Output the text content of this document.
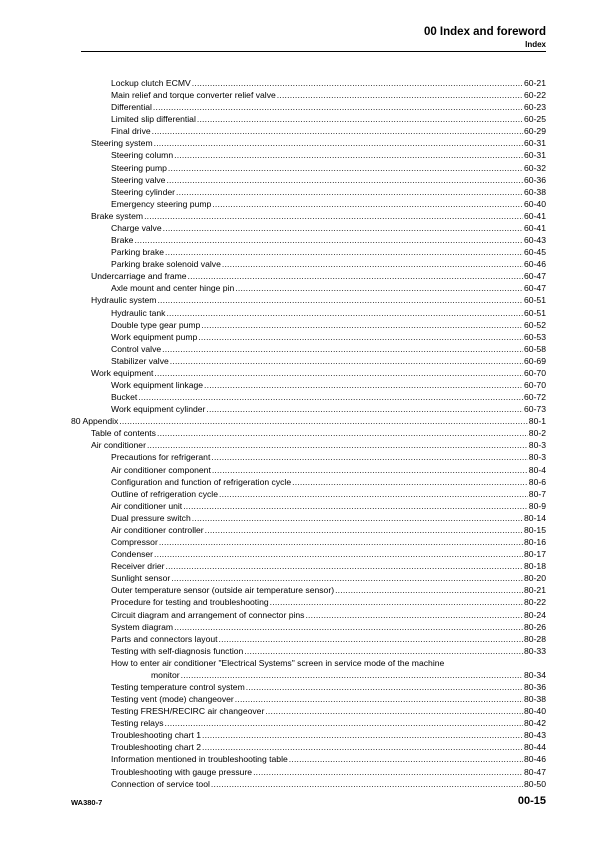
00 Index and foreword
Index
Lockup clutch ECMV .....	60-21
Main relief and torque converter relief valve .....	60-22
Differential .....	60-23
Limited slip differential .....	60-25
Final drive .....	60-29
Steering system .....	60-31
Steering column .....	60-31
Steering pump .....	60-32
Steering valve .....	60-36
Steering cylinder .....	60-38
Emergency steering pump .....	60-40
Brake system .....	60-41
Charge valve .....	60-41
Brake .....	60-43
Parking brake .....	60-45
Parking brake solenoid valve .....	60-46
Undercarriage and frame .....	60-47
Axle mount and center hinge pin .....	60-47
Hydraulic system .....	60-51
Hydraulic tank .....	60-51
Double type gear pump .....	60-52
Work equipment pump .....	60-53
Control valve .....	60-58
Stabilizer valve .....	60-69
Work equipment .....	60-70
Work equipment linkage .....	60-70
Bucket .....	60-72
Work equipment cylinder .....	60-73
80 Appendix .....	80-1
Table of contents .....	80-2
Air conditioner .....	80-3
Precautions for refrigerant .....	80-3
Air conditioner component .....	80-4
Configuration and function of refrigeration cycle .....	80-6
Outline of refrigeration cycle .....	80-7
Air conditioner unit .....	80-9
Dual pressure switch .....	80-14
Air conditioner controller .....	80-15
Compressor .....	80-16
Condenser .....	80-17
Receiver drier .....	80-18
Sunlight sensor .....	80-20
Outer temperature sensor (outside air temperature sensor) .....	80-21
Procedure for testing and troubleshooting .....	80-22
Circuit diagram and arrangement of connector pins .....	80-24
System diagram .....	80-26
Parts and connectors layout .....	80-28
Testing with self-diagnosis function .....	80-33
How to enter air conditioner "Electrical Systems" screen in service mode of the machine
monitor .....	80-34
Testing temperature control system .....	80-36
Testing vent (mode) changeover .....	80-38
Testing FRESH/RECIRC air changeover .....	80-40
Testing relays .....	80-42
Troubleshooting chart 1 .....	80-43
Troubleshooting chart 2 .....	80-44
Information mentioned in troubleshooting table .....	80-46
Troubleshooting with gauge pressure .....	80-47
Connection of service tool .....	80-50
WA380-7	00-15
